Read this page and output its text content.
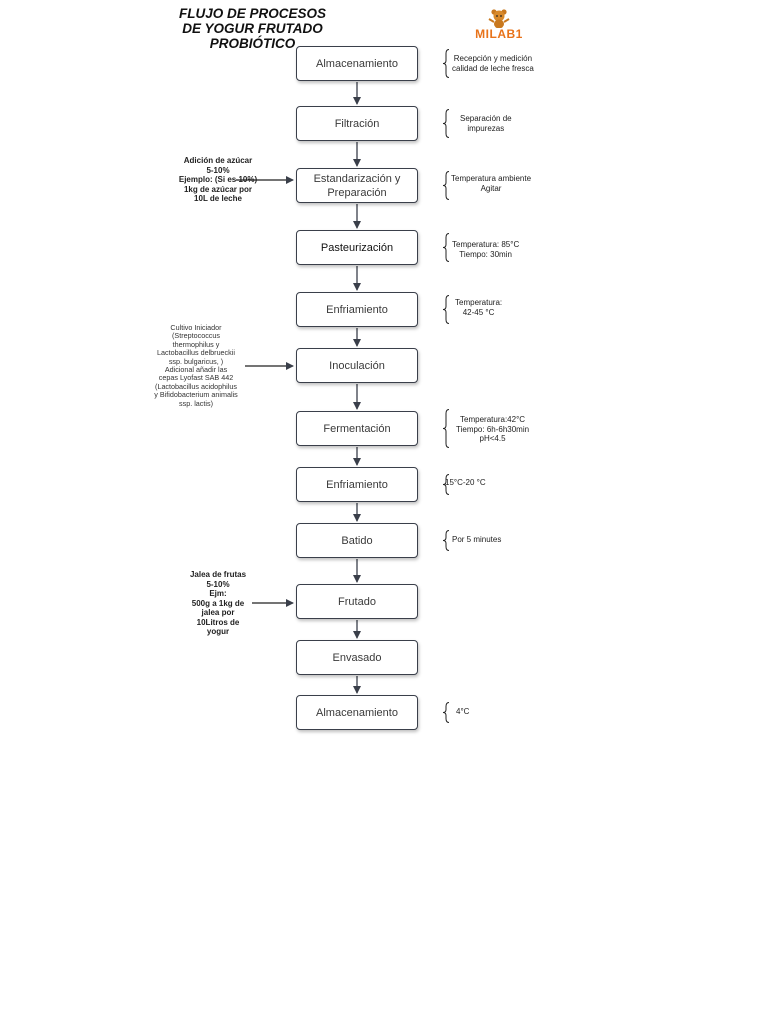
FLUJO DE PROCESOS
DE YOGUR FRUTADO
PROBIÓTICO
MILAB1
Almacenamiento
Filtración
Estandarización y
Preparación
Pasteurización
Enfriamiento
Inoculación
Fermentación
Enfriamiento
Batido
Frutado
Envasado
Almacenamiento
Recepción y medición
calidad de leche fresca
Separación de
impurezas
Temperatura ambiente
Agitar
Temperatura: 85°C
Tiempo: 30min
Temperatura:
42-45 °C
Temperatura:42°C
Tiempo: 6h-6h30min
pH<4.5
15°C-20 °C
Por 5 minutes
4°C
Adición de azúcar
5-10%
Ejemplo: (Si es 10%)
1kg de azúcar por
10L de leche
Cultivo Iniciador
(Streptococcus
thermophilus y
Lactobacillus delbrueckii
ssp. bulgaricus, )
Adicional añadir las
cepas Lyofast SAB 442
(Lactobacillus acidophilus
y Bifidobacterium animalis
ssp. lactis)
Jalea de frutas
5-10%
Ejm:
500g a 1kg de
jalea por
10Litros de
yogur
